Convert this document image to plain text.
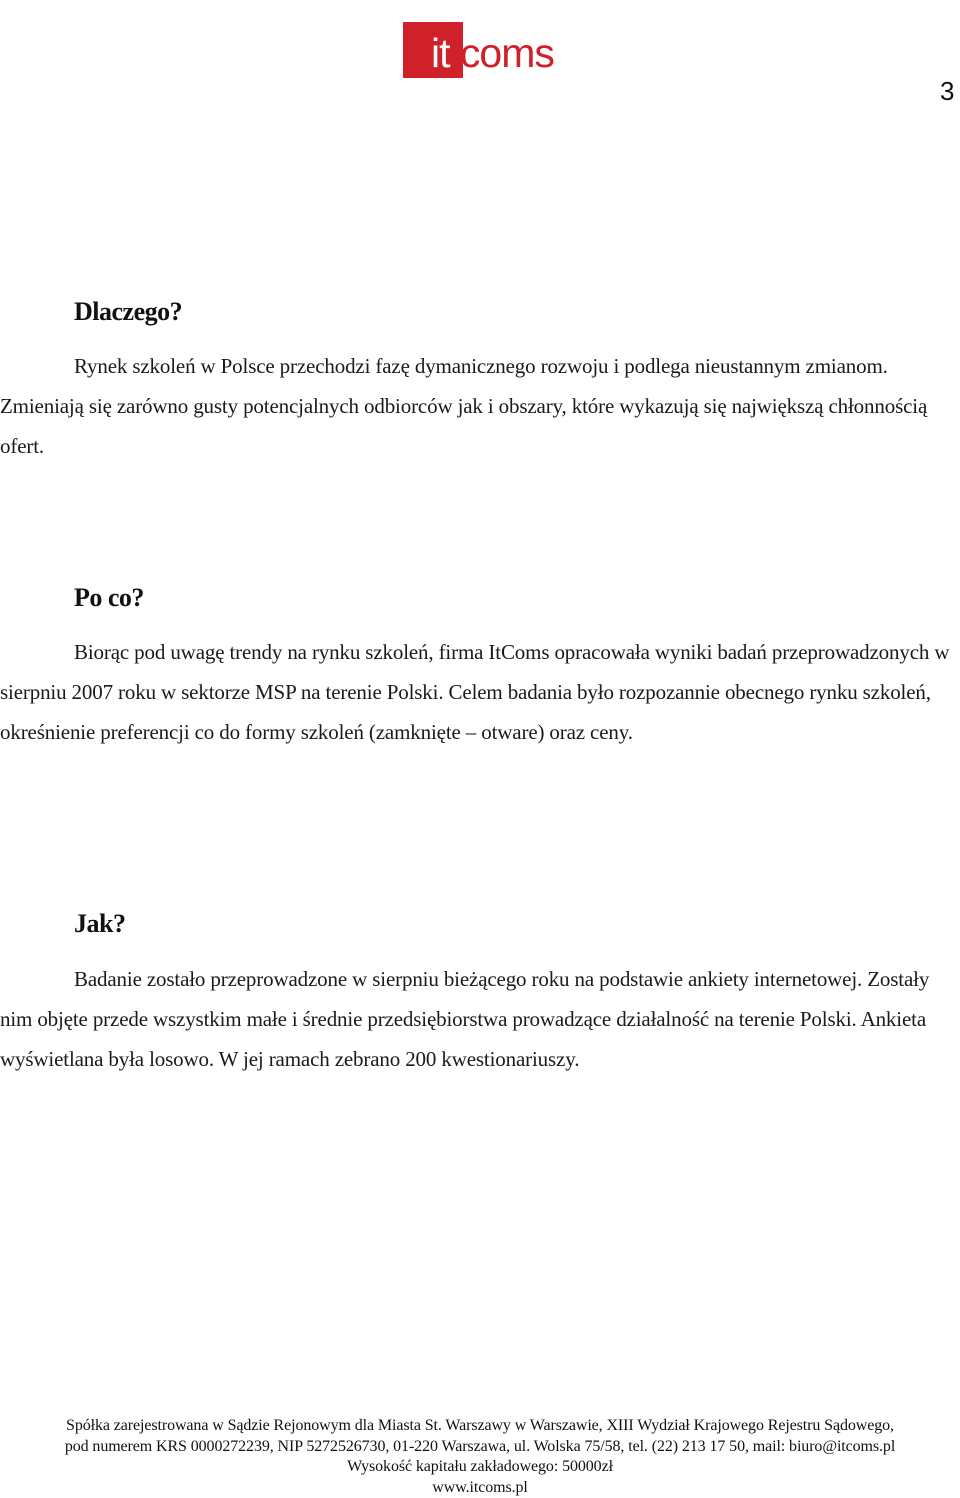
it.coms
3
Dlaczego?

Rynek szkoleń w Polsce przechodzi fazę dymanicznego rozwoju i podlega nieustannym zmianom. Zmieniają się zarówno gusty potencjalnych odbiorców jak i obszary, które wykazują się największą chłonnością ofert.

Po co?

Biorąc pod uwagę trendy na rynku szkoleń, firma ItComs opracowała wyniki badań przeprowadzonych w sierpniu 2007 roku w sektorze MSP na terenie Polski. Celem badania było rozpozannie obecnego rynku szkoleń, okreśnienie preferencji co do formy szkoleń (zamknięte – otware) oraz ceny.

Jak?

Badanie zostało przeprowadzone w sierpniu bieżącego roku na podstawie ankiety internetowej. Zostały nim objęte przede wszystkim małe i średnie przedsiębiorstwa prowadzące działalność na terenie Polski. Ankieta wyświetlana była losowo. W jej ramach zebrano 200 kwestionariuszy.

Spółka zarejestrowana w Sądzie Rejonowym dla Miasta St. Warszawy w Warszawie, XIII Wydział Krajowego Rejestru Sądowego,
pod numerem KRS 0000272239, NIP 5272526730, 01-220 Warszawa, ul. Wolska 75/58, tel. (22) 213 17 50, mail: biuro@itcoms.pl
Wysokość kapitału zakładowego: 50000zł
www.itcoms.pl
